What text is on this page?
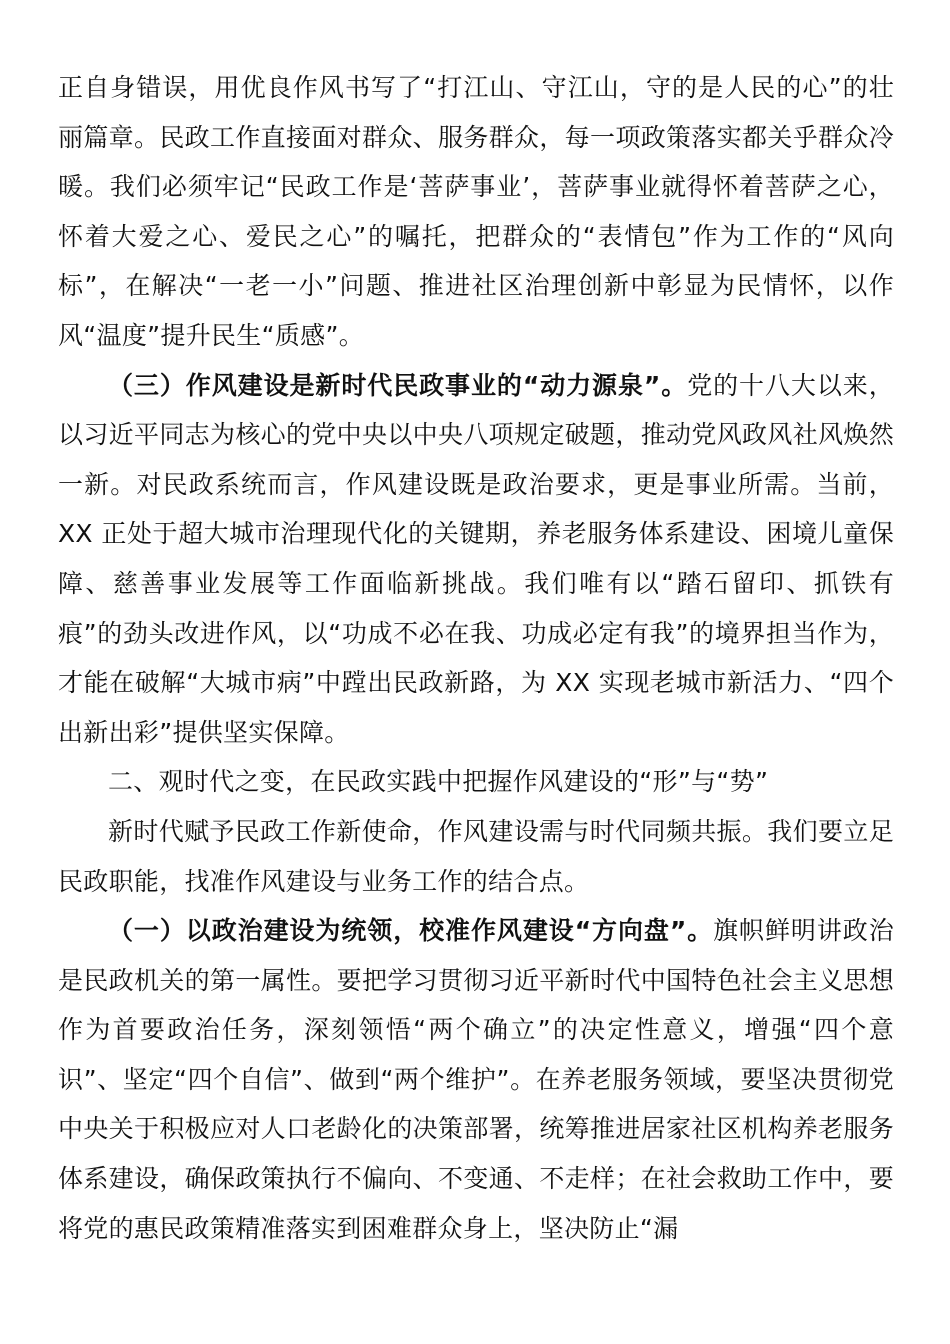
正自身错误，用优良作风书写了“打江山、守江山，守的是人民的心”的壮丽篇章。民政工作直接面对群众、服务群众，每一项政策落实都关乎群众冷暖。我们必须牢记“民政工作是‘菩萨事业’，菩萨事业就得怀着菩萨之心，怀着大爱之心、爱民之心”的嘱托，把群众的“表情包”作为工作的“风向标”，在解决“一老一小”问题、推进社区治理创新中彰显为民情怀，以作风“温度”提升民生“质感”。

（三）作风建设是新时代民政事业的“动力源泉”。党的十八大以来，以习近平同志为核心的党中央以中央八项规定破题，推动党风政风社风焕然一新。对民政系统而言，作风建设既是政治要求，更是事业所需。当前，XX 正处于超大城市治理现代化的关键期，养老服务体系建设、困境儿童保障、慈善事业发展等工作面临新挑战。我们唯有以“踏石留印、抓铁有痕”的劲头改进作风，以“功成不必在我、功成必定有我”的境界担当作为，才能在破解“大城市病”中蹚出民政新路，为 XX 实现老城市新活力、“四个出新出彩”提供坚实保障。

二、观时代之变，在民政实践中把握作风建设的“形”与“势”

新时代赋予民政工作新使命，作风建设需与时代同频共振。我们要立足民政职能，找准作风建设与业务工作的结合点。

（一）以政治建设为统领，校准作风建设“方向盘”。旗帜鲜明讲政治是民政机关的第一属性。要把学习贯彻习近平新时代中国特色社会主义思想作为首要政治任务，深刻领悟“两个确立”的决定性意义，增强“四个意识”、坚定“四个自信”、做到“两个维护”。在养老服务领域，要坚决贯彻党中央关于积极应对人口老龄化的决策部署，统筹推进居家社区机构养老服务体系建设，确保政策执行不偏向、不变通、不走样；在社会救助工作中，要将党的惠民政策精准落实到困难群众身上，坚决防止“漏
